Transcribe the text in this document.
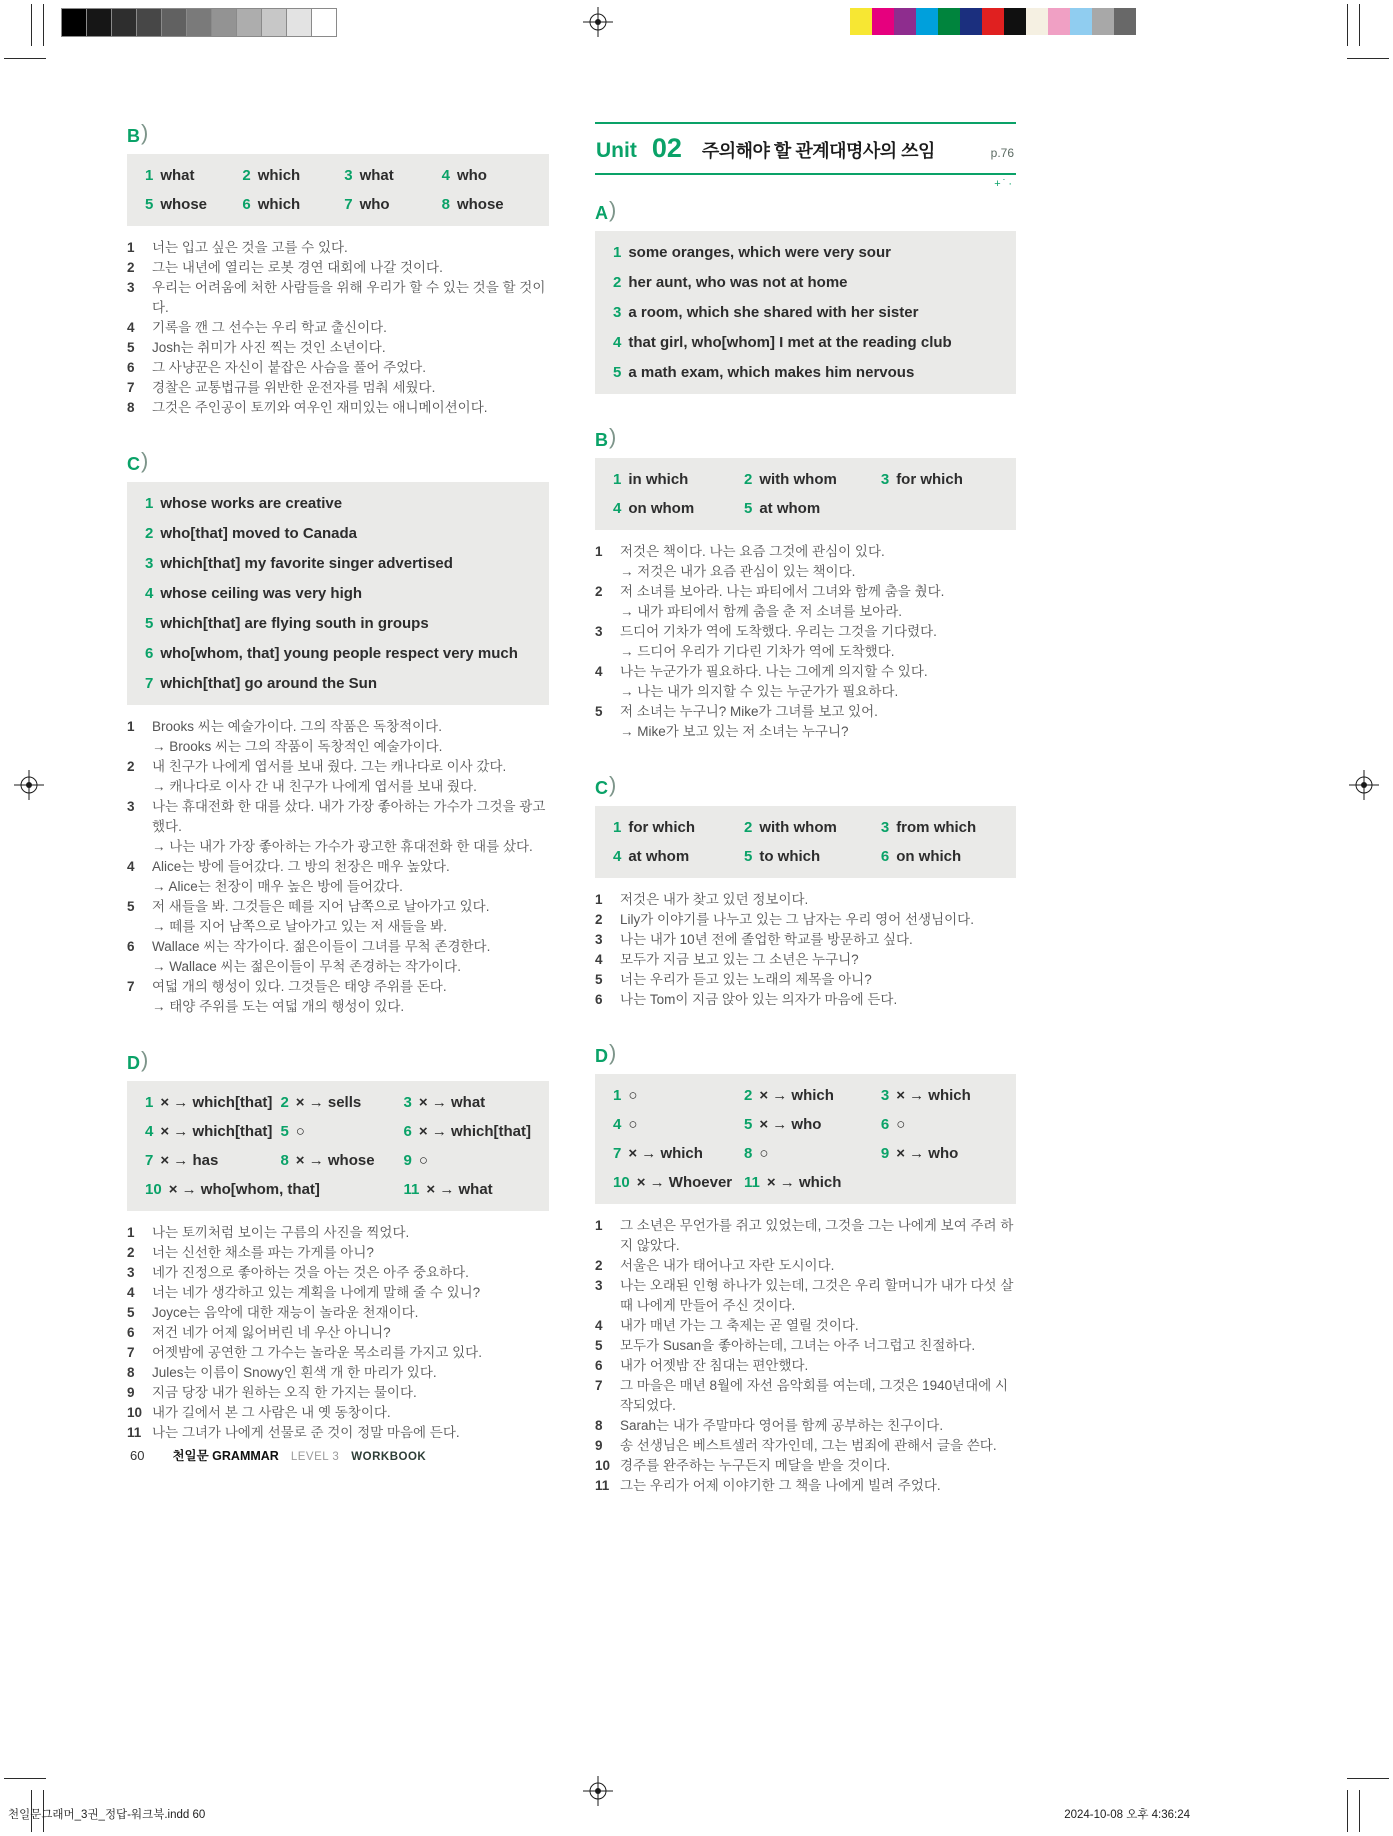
B)
1 what	2 which	3 what	4 who
5 whose	6 which	7 who	8 whose
1	너는 입고 싶은 것을 고를 수 있다.
2	그는 내년에 열리는 로봇 경연 대회에 나갈 것이다.
3	우리는 어려움에 처한 사람들을 위해 우리가 할 수 있는 것을 할 것이다.
4	기록을 깬 그 선수는 우리 학교 출신이다.
5	Josh는 취미가 사진 찍는 것인 소년이다.
6	그 사냥꾼은 자신이 붙잡은 사슴을 풀어 주었다.
7	경찰은 교통법규를 위반한 운전자를 멈춰 세웠다.
8	그것은 주인공이 토끼와 여우인 재미있는 애니메이션이다.
C)
1 whose works are creative
2 who[that] moved to Canada
3 which[that] my favorite singer advertised
4 whose ceiling was very high
5 which[that] are flying south in groups
6 who[whom, that] young people respect very much
7 which[that] go around the Sun
1	Brooks 씨는 예술가이다. 그의 작품은 독창적이다.
→ Brooks 씨는 그의 작품이 독창적인 예술가이다.
2	내 친구가 나에게 엽서를 보내 줬다. 그는 캐나다로 이사 갔다.
→ 캐나다로 이사 간 내 친구가 나에게 엽서를 보내 줬다.
3	나는 휴대전화 한 대를 샀다. 내가 가장 좋아하는 가수가 그것을 광고했다.
→ 나는 내가 가장 좋아하는 가수가 광고한 휴대전화 한 대를 샀다.
4	Alice는 방에 들어갔다. 그 방의 천장은 매우 높았다.
→ Alice는 천장이 매우 높은 방에 들어갔다.
5	저 새들을 봐. 그것들은 떼를 지어 남쪽으로 날아가고 있다.
→ 떼를 지어 남쪽으로 날아가고 있는 저 새들을 봐.
6	Wallace 씨는 작가이다. 젊은이들이 그녀를 무척 존경한다.
→ Wallace 씨는 젊은이들이 무척 존경하는 작가이다.
7	여덟 개의 행성이 있다. 그것들은 태양 주위를 돈다.
→ 태양 주위를 도는 여덟 개의 행성이 있다.
D)
1 × → which[that] 2 × → sells	3 × → what
4 × → which[that] 5 ○	6 × → which[that]
7 × → has	8 × → whose	9 ○
10 × → who[whom, that]	11 × → what
1	나는 토끼처럼 보이는 구름의 사진을 찍었다.
2	너는 신선한 채소를 파는 가게를 아니?
3	네가 진정으로 좋아하는 것을 아는 것은 아주 중요하다.
4	너는 네가 생각하고 있는 계획을 나에게 말해 줄 수 있니?
5	Joyce는 음악에 대한 재능이 놀라운 천재이다.
6	저건 네가 어제 잃어버린 네 우산 아니니?
7	어젯밤에 공연한 그 가수는 놀라운 목소리를 가지고 있다.
8	Jules는 이름이 Snowy인 흰색 개 한 마리가 있다.
9	지금 당장 내가 원하는 오직 한 가지는 물이다.
10 내가 길에서 본 그 사람은 내 옛 동창이다.
11 나는 그녀가 나에게 선물로 준 것이 정말 마음에 든다.
Unit 02 주의해야 할 관계대명사의 쓰임	p.76
+˙·
A)
1 some oranges, which were very sour
2 her aunt, who was not at home
3 a room, which she shared with her sister
4 that girl, who[whom] I met at the reading club
5 a math exam, which makes him nervous
B)
1 in which	2 with whom	3 for which
4 on whom	5 at whom
1	저것은 책이다. 나는 요즘 그것에 관심이 있다.
→ 저것은 내가 요즘 관심이 있는 책이다.
2	저 소녀를 보아라. 나는 파티에서 그녀와 함께 춤을 췄다.
→ 내가 파티에서 함께 춤을 춘 저 소녀를 보아라.
3	드디어 기차가 역에 도착했다. 우리는 그것을 기다렸다.
→ 드디어 우리가 기다린 기차가 역에 도착했다.
4	나는 누군가가 필요하다. 나는 그에게 의지할 수 있다.
→ 나는 내가 의지할 수 있는 누군가가 필요하다.
5	저 소녀는 누구니? Mike가 그녀를 보고 있어.
→ Mike가 보고 있는 저 소녀는 누구니?
C)
1 for which	2 with whom	3 from which
4 at whom	5 to which	6 on which
1	저것은 내가 찾고 있던 정보이다.
2	Lily가 이야기를 나누고 있는 그 남자는 우리 영어 선생님이다.
3	나는 내가 10년 전에 졸업한 학교를 방문하고 싶다.
4	모두가 지금 보고 있는 그 소년은 누구니?
5	너는 우리가 듣고 있는 노래의 제목을 아니?
6	나는 Tom이 지금 앉아 있는 의자가 마음에 든다.
D)
1 ○	2 × → which	3 × → which
4 ○	5 × → who	6 ○
7 × → which	8 ○	9 × → who
10 × → Whoever 11 × → which
1	그 소년은 무언가를 쥐고 있었는데, 그것을 그는 나에게 보여 주려 하지 않았다.
2	서울은 내가 태어나고 자란 도시이다.
3	나는 오래된 인형 하나가 있는데, 그것은 우리 할머니가 내가 다섯 살 때 나에게 만들어 주신 것이다.
4	내가 매년 가는 그 축제는 곧 열릴 것이다.
5	모두가 Susan을 좋아하는데, 그녀는 아주 너그럽고 친절하다.
6	내가 어젯밤 잔 침대는 편안했다.
7	그 마을은 매년 8월에 자선 음악회를 여는데, 그것은 1940년대에 시작되었다.
8	Sarah는 내가 주말마다 영어를 함께 공부하는 친구이다.
9	송 선생님은 베스트셀러 작가인데, 그는 범죄에 관해서 글을 쓴다.
10 경주를 완주하는 누구든지 메달을 받을 것이다.
11 그는 우리가 어제 이야기한 그 책을 나에게 빌려 주었다.
60 천일문 GRAMMAR LEVEL 3 WORKBOOK
천일문그래머_3권_정답-워크북.indd 60	2024-10-08 오후 4:36:24
